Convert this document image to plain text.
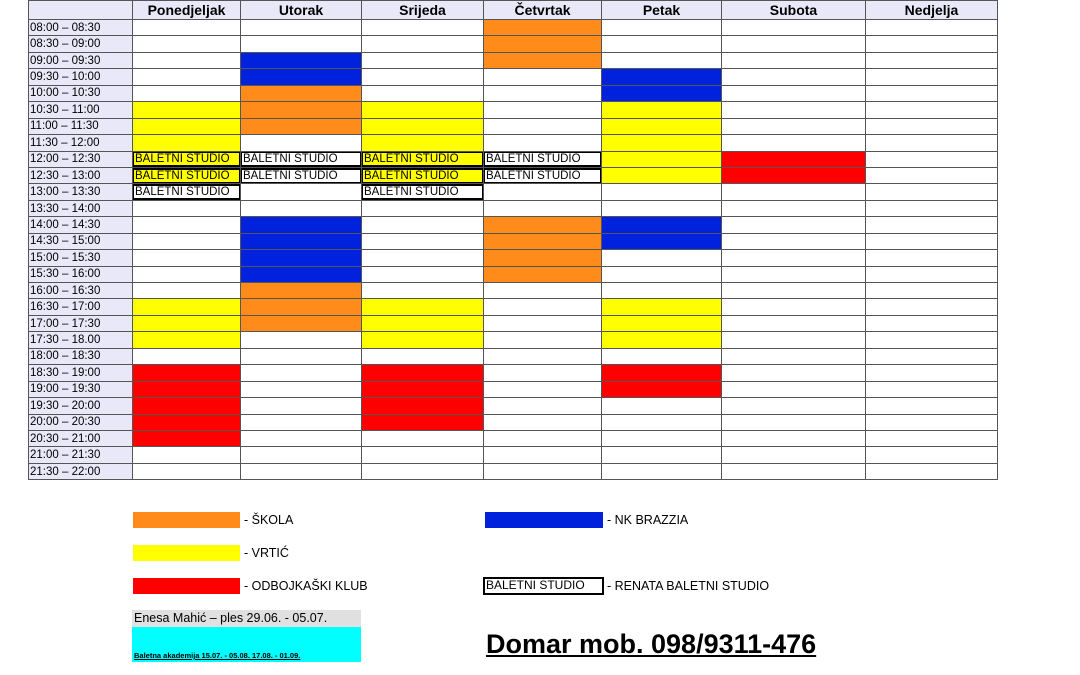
	Ponedjeljak	Utorak	Srijeda	Četvrtak	Petak	Subota	Nedjelja
08:00 – 08:30							
08:30 – 09:00							
09:00 – 09:30							
09:30 – 10:00							
10:00 – 10:30							
10:30 – 11:00							
11:00 – 11:30							
11:30 – 12:00							
12:00 – 12:30	BALETNI STUDIO	BALETNI STUDIO	BALETNI STUDIO	BALETNI STUDIO			

12:30 – 13:00	BALETNI STUDIO	BALETNI STUDIO	BALETNI STUDIO	BALETNI STUDIO			

13:00 – 13:30	BALETNI STUDIO		BALETNI STUDIO				

13:30 – 14:00							
14:00 – 14:30							
14:30 – 15:00							
15:00 – 15:30							
15:30 – 16:00							
16:00 – 16:30							
16:30 – 17:00							
17:00 – 17:30							
17:30 – 18.00							
18:00 – 18:30							
18:30 – 19:00							
19:00 – 19:30							
19:30 – 20:00							
20:00 – 20:30							
20:30 – 21:00							
21:00 – 21:30							
21:30 – 22:00							
- ŠKOLA
- VRTIĆ
- ODBOJKAŠKI KLUB
- NK BRAZZIA
BALETNI STUDIO	- RENATA BALETNI STUDIO
Enesa Mahić – ples 29.06. - 05.07.
Baletna akademija 15.07. - 05.08. 17.08. - 01.09.	Domar mob. 098/9311-476
